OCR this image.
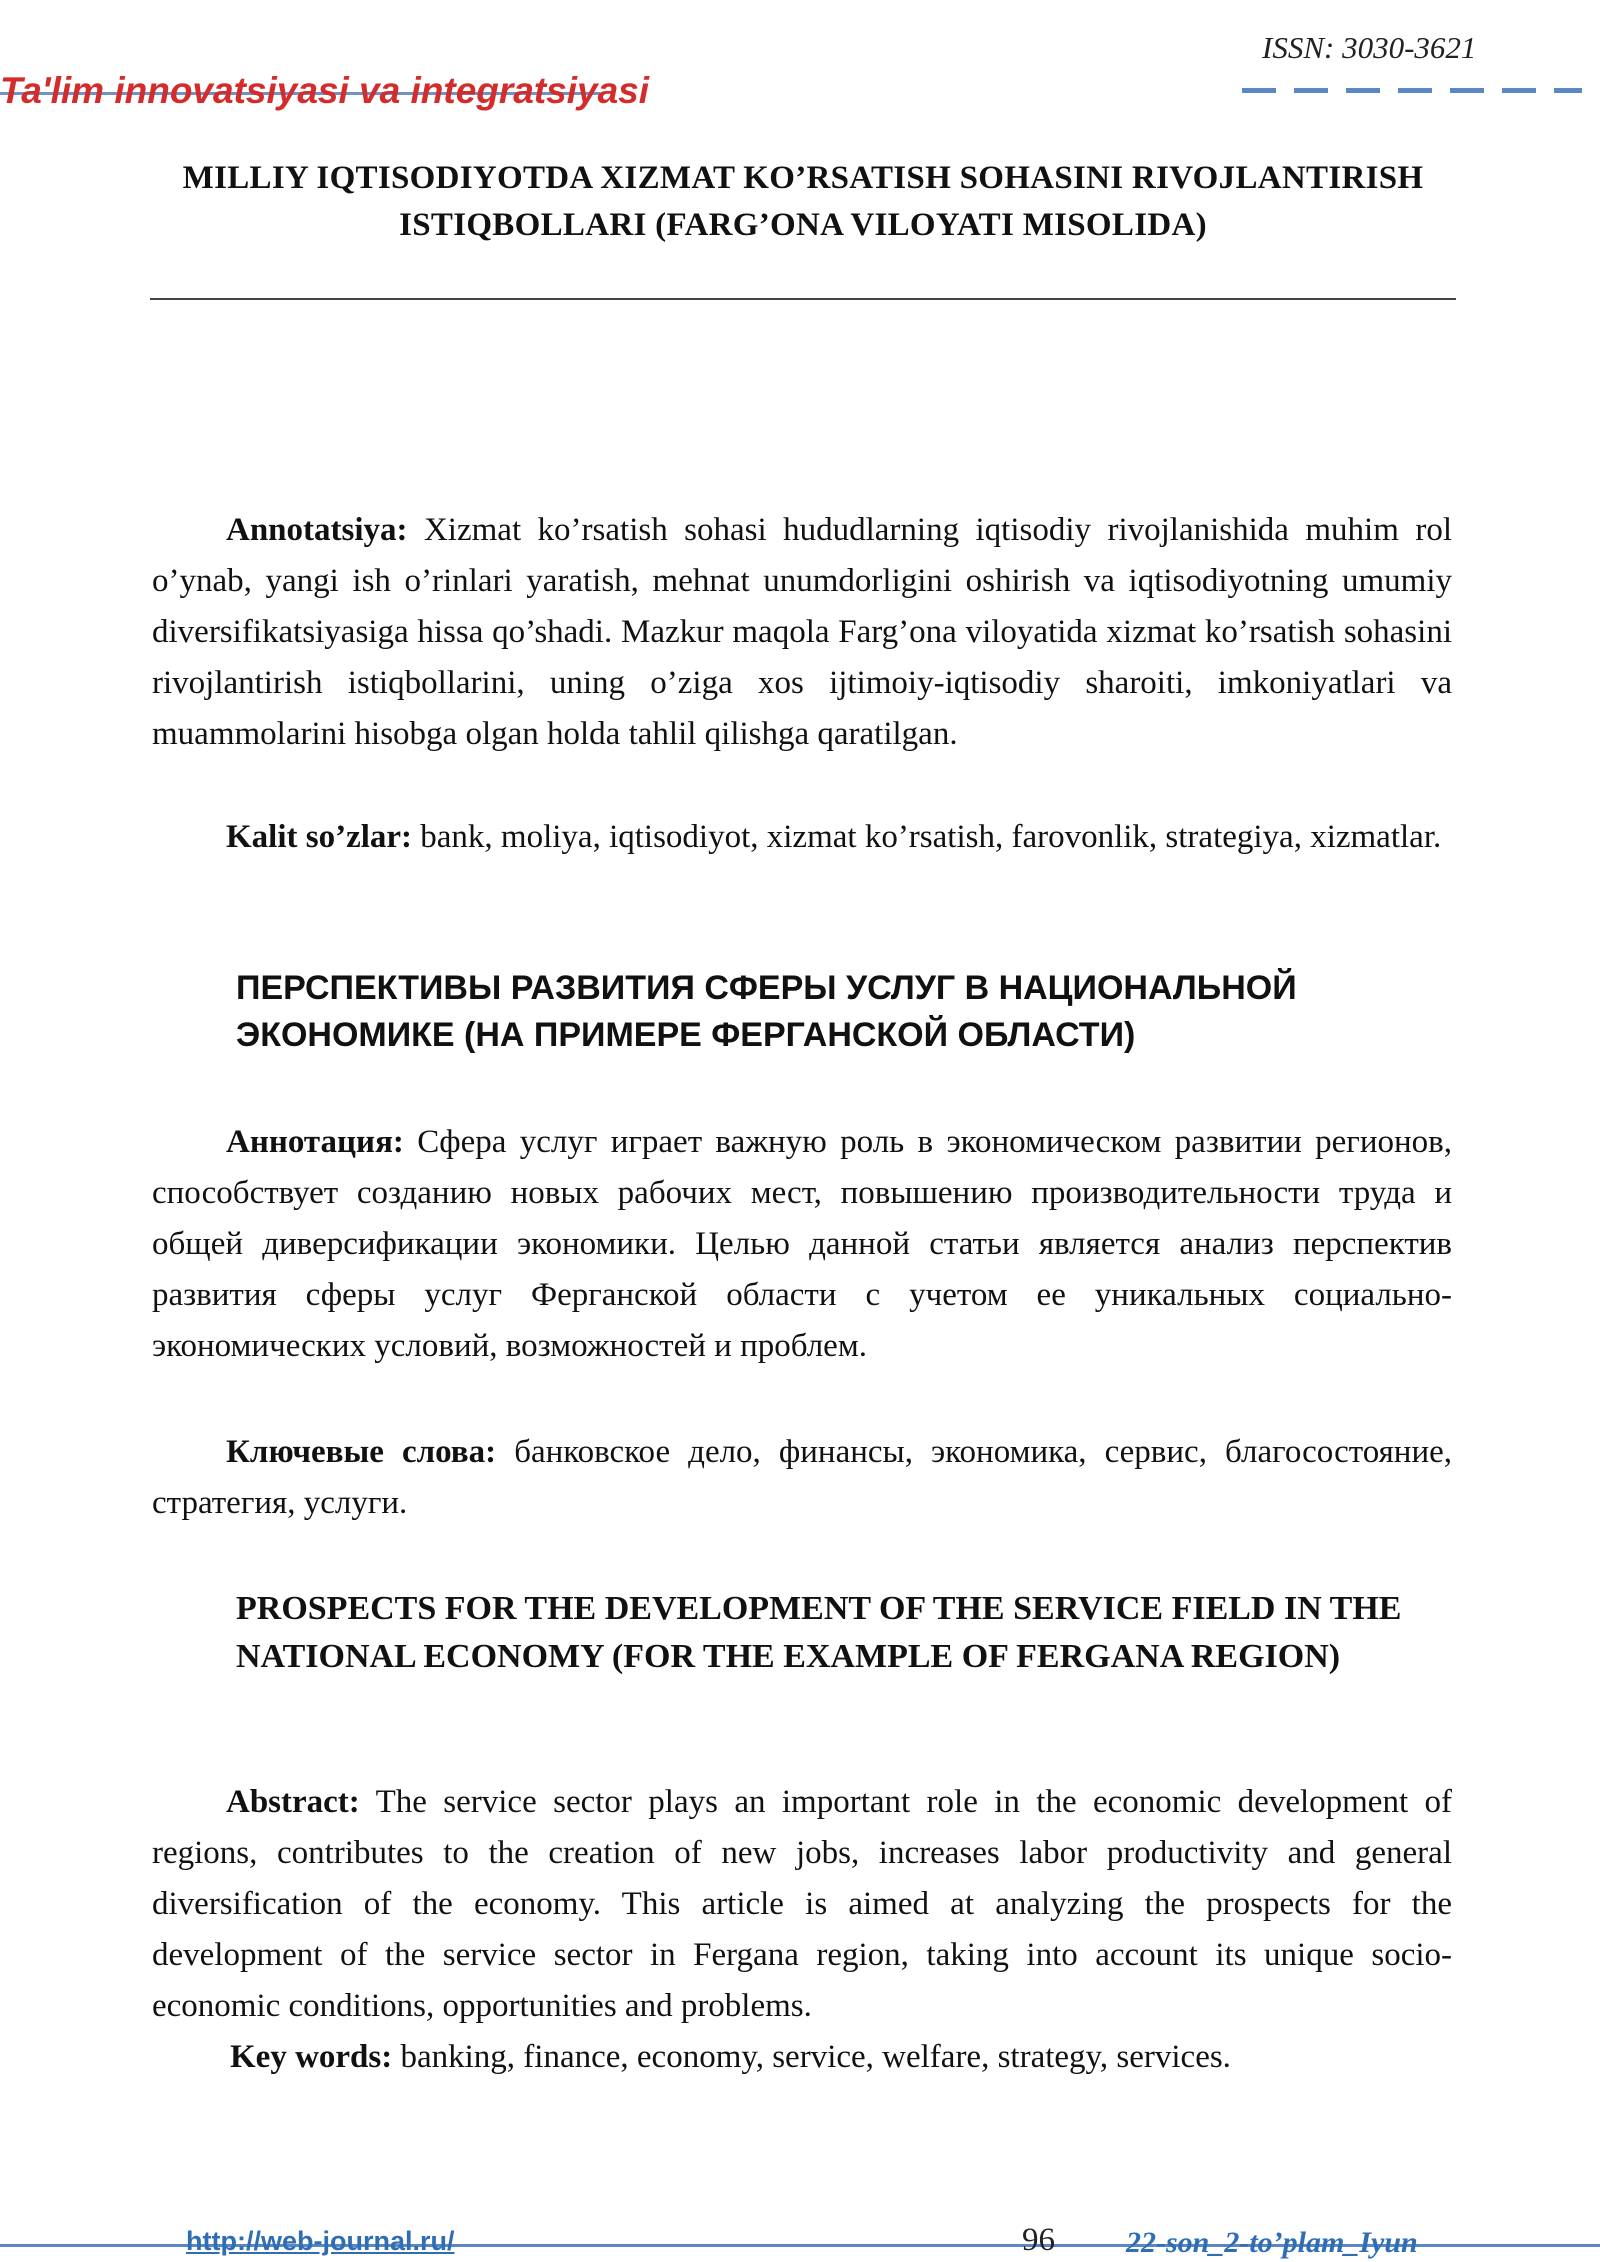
ISSN: 3030-3621
Ta'lim innovatsiyasi va integratsiyasi
MILLIY IQTISODIYOTDA XIZMAT KO’RSATISH SOHASINI RIVOJLANTIRISH ISTIQBOLLARI (FARG’ONA VILOYATI MISOLIDA)
Annotatsiya: Xizmat ko’rsatish sohasi hududlarning iqtisodiy rivojlanishida muhim rol o’ynab, yangi ish o’rinlari yaratish, mehnat unumdorligini oshirish va iqtisodiyotning umumiy diversifikatsiyasiga hissa qo’shadi. Mazkur maqola Farg’ona viloyatida xizmat ko’rsatish sohasini rivojlantirish istiqbollarini, uning o’ziga xos ijtimoiy-iqtisodiy sharoiti, imkoniyatlari va muammolarini hisobga olgan holda tahlil qilishga qaratilgan.
Kalit so’zlar: bank, moliya, iqtisodiyot, xizmat ko’rsatish, farovonlik, strategiya, xizmatlar.
ПЕРСПЕКТИВЫ РАЗВИТИЯ СФЕРЫ УСЛУГ В НАЦИОНАЛЬНОЙ ЭКОНОМИКЕ (НА ПРИМЕРЕ ФЕРГАНСКОЙ ОБЛАСТИ)
Аннотация: Сфера услуг играет важную роль в экономическом развитии регионов, способствует созданию новых рабочих мест, повышению производительности труда и общей диверсификации экономики. Целью данной статьи является анализ перспектив развития сферы услуг Ферганской области с учетом ее уникальных социально-экономических условий, возможностей и проблем.
Ключевые слова: банковское дело, финансы, экономика, сервис, благосостояние, стратегия, услуги.
PROSPECTS FOR THE DEVELOPMENT OF THE SERVICE FIELD IN THE NATIONAL ECONOMY (FOR THE EXAMPLE OF FERGANA REGION)
Abstract: The service sector plays an important role in the economic development of regions, contributes to the creation of new jobs, increases labor productivity and general diversification of the economy. This article is aimed at analyzing the prospects for the development of the service sector in Fergana region, taking into account its unique socio-economic conditions, opportunities and problems.
Key words: banking, finance, economy, service, welfare, strategy, services.
http://web-journal.ru/	96 22-son_2-to’plam_Iyun
